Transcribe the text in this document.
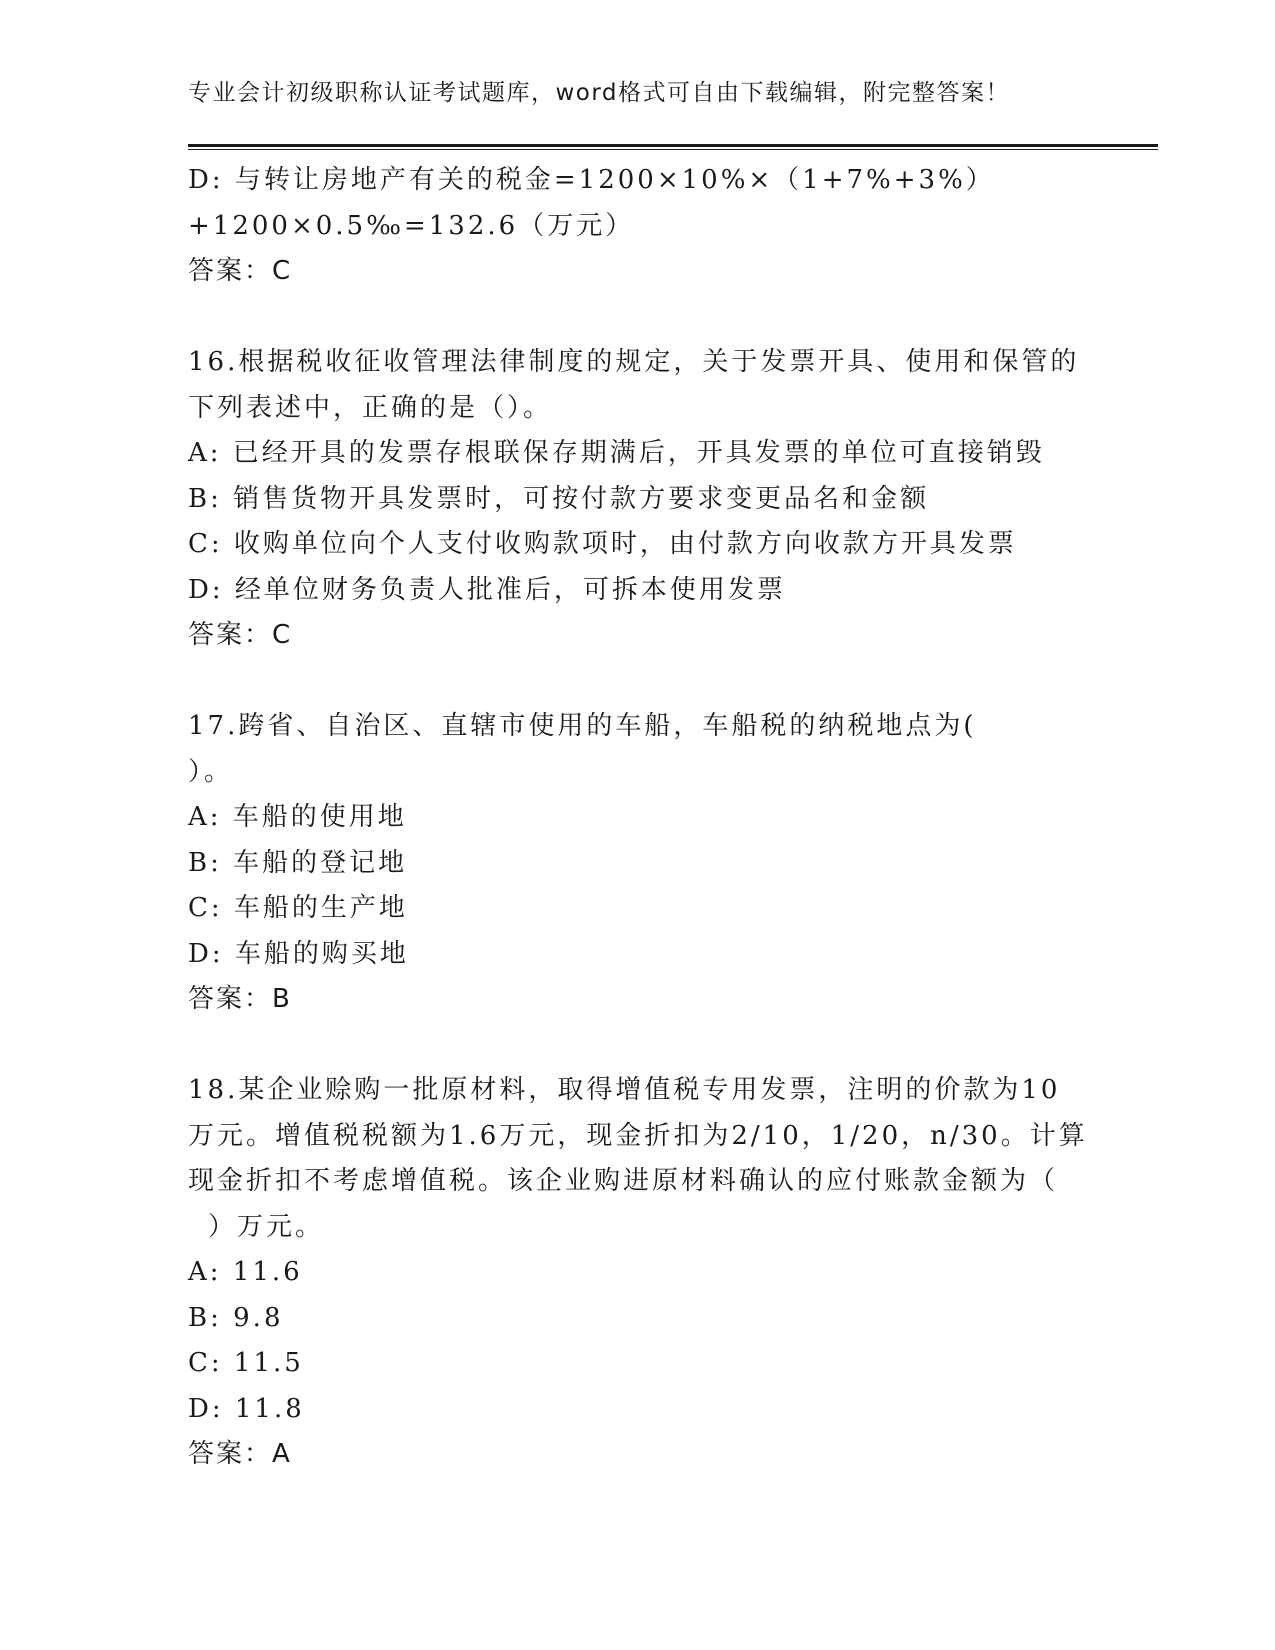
专业会计初级职称认证考试题库，word格式可自由下载编辑，附完整答案！
D: 与转让房地产有关的税金=1200×10%×（1+7%+3%）
+1200×0.5‰=132.6（万元）
答案：C
16.根据税收征收管理法律制度的规定，关于发票开具、使用和保管的
下列表述中，正确的是（）。
A: 已经开具的发票存根联保存期满后，开具发票的单位可直接销毁
B: 销售货物开具发票时，可按付款方要求变更品名和金额
C: 收购单位向个人支付收购款项时，由付款方向收款方开具发票
D: 经单位财务负责人批准后，可拆本使用发票
答案：C
17.跨省、自治区、直辖市使用的车船，车船税的纳税地点为(
）。
A: 车船的使用地
B: 车船的登记地
C: 车船的生产地
D: 车船的购买地
答案：B
18.某企业赊购一批原材料，取得增值税专用发票，注明的价款为10
万元。增值税税额为1.6万元，现金折扣为2/10，1/20，n/30。计算
现金折扣不考虑增值税。该企业购进原材料确认的应付账款金额为（
）万元。
A: 11.6
B: 9.8
C: 11.5
D: 11.8
答案：A
